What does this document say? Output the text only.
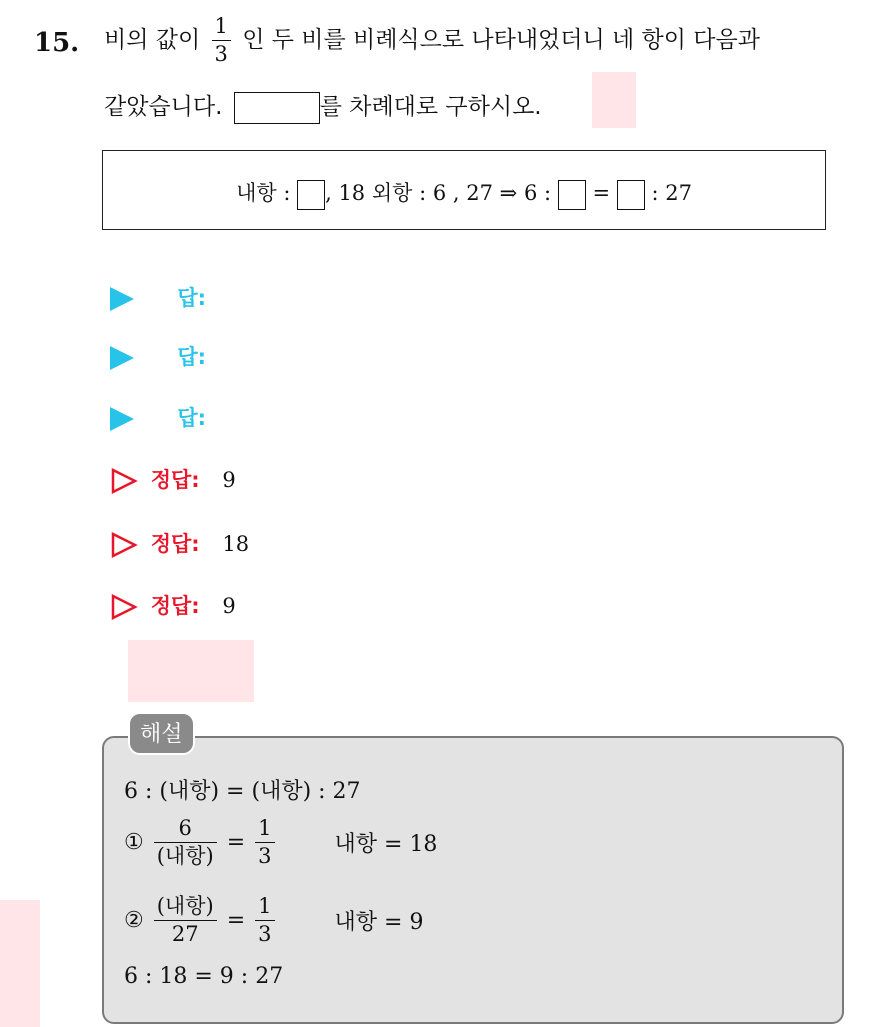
15. 비의 값이 $\frac{1}{3}$ 인 두 비를 비례식으로 나타내었더니 네 항이 다음과
같았습니다.	를 차례대로 구하시오.
내항 : , 18 외항 : 6 , 27 ⇒ 6 : = : 27
답:
답:
답:
정답: 9
정답: 18
정답: 9
해설
6 : (내항) = (내항) : 27
① $\frac{6}{\text{(내항)}} = \frac{1}{3}$	내항 = 18
② $\frac{\text{(내항)}}{27} = \frac{1}{3}$	내항 = 9
6 : 18 = 9 : 27
